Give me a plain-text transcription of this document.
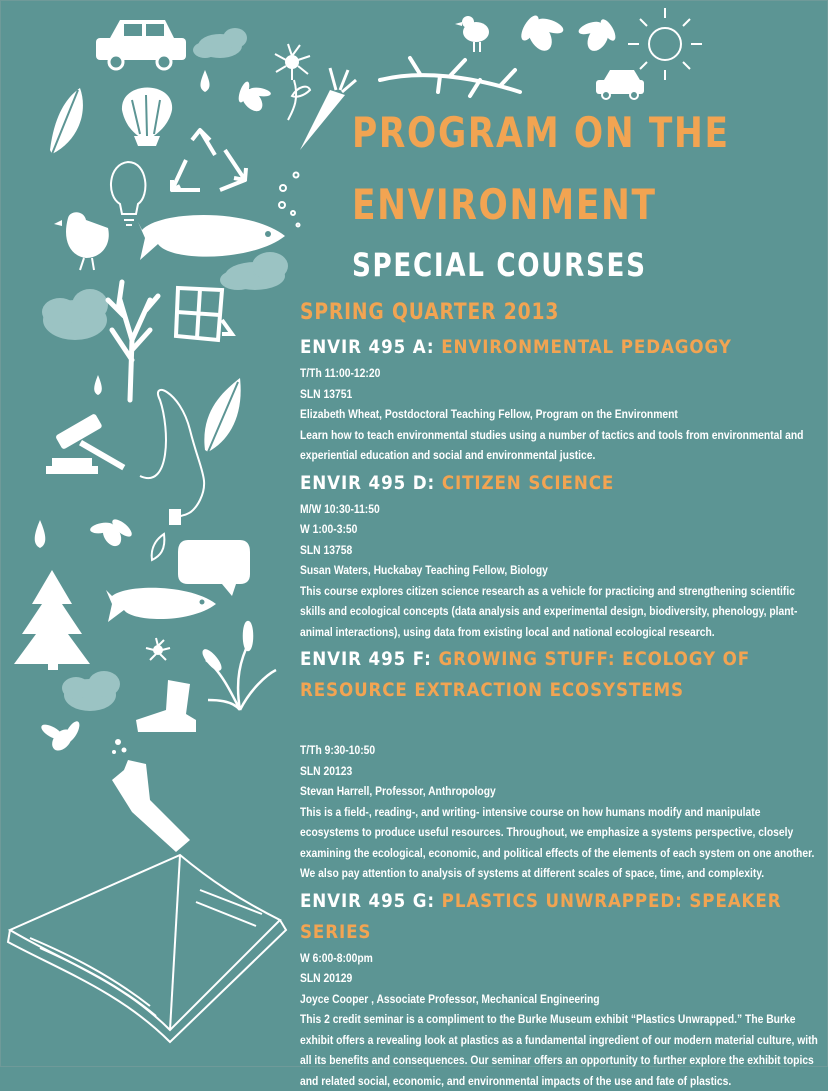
PROGRAM ON THE
ENVIRONMENT
SPECIAL COURSES
SPRING QUARTER 2013
ENVIR 495 A: ENVIRONMENTAL PEDAGOGY
T/Th 11:00-12:20
SLN 13751
Elizabeth Wheat, Postdoctoral Teaching Fellow, Program on the Environment
Learn how to teach environmental studies using a number of tactics and tools from environmental and experiential education and social and environmental justice.
ENVIR 495 D: CITIZEN SCIENCE
M/W 10:30-11:50
W 1:00-3:50
SLN 13758
Susan Waters, Huckabay Teaching Fellow, Biology
This course explores citizen science research as a vehicle for practicing and strengthening scientific skills and ecological concepts (data analysis and experimental design, biodiversity, phenology, plant-animal interactions), using data from existing local and national ecological research.
ENVIR 495 F: GROWING STUFF: ECOLOGY OF RESOURCE EXTRACTION ECOSYSTEMS
T/Th 9:30-10:50
SLN 20123
Stevan Harrell, Professor, Anthropology
This is a field-, reading-, and writing- intensive course on how humans modify and manipulate ecosystems to produce useful resources. Throughout, we emphasize a systems perspective, closely examining the ecological, economic, and political effects of the elements of each system on one another. We also pay attention to analysis of systems at different scales of space, time, and complexity.
ENVIR 495 G: PLASTICS UNWRAPPED: SPEAKER SERIES
W 6:00-8:00pm
SLN 20129
Joyce Cooper , Associate Professor, Mechanical Engineering
This 2 credit seminar is a compliment to the Burke Museum exhibit “Plastics Unwrapped.” The Burke exhibit offers a revealing look at plastics as a fundamental ingredient of our modern material culture, with all its benefits and consequences. Our seminar offers an opportunity to further explore the exhibit topics and related social, economic, and environmental impacts of the use and fate of plastics.
